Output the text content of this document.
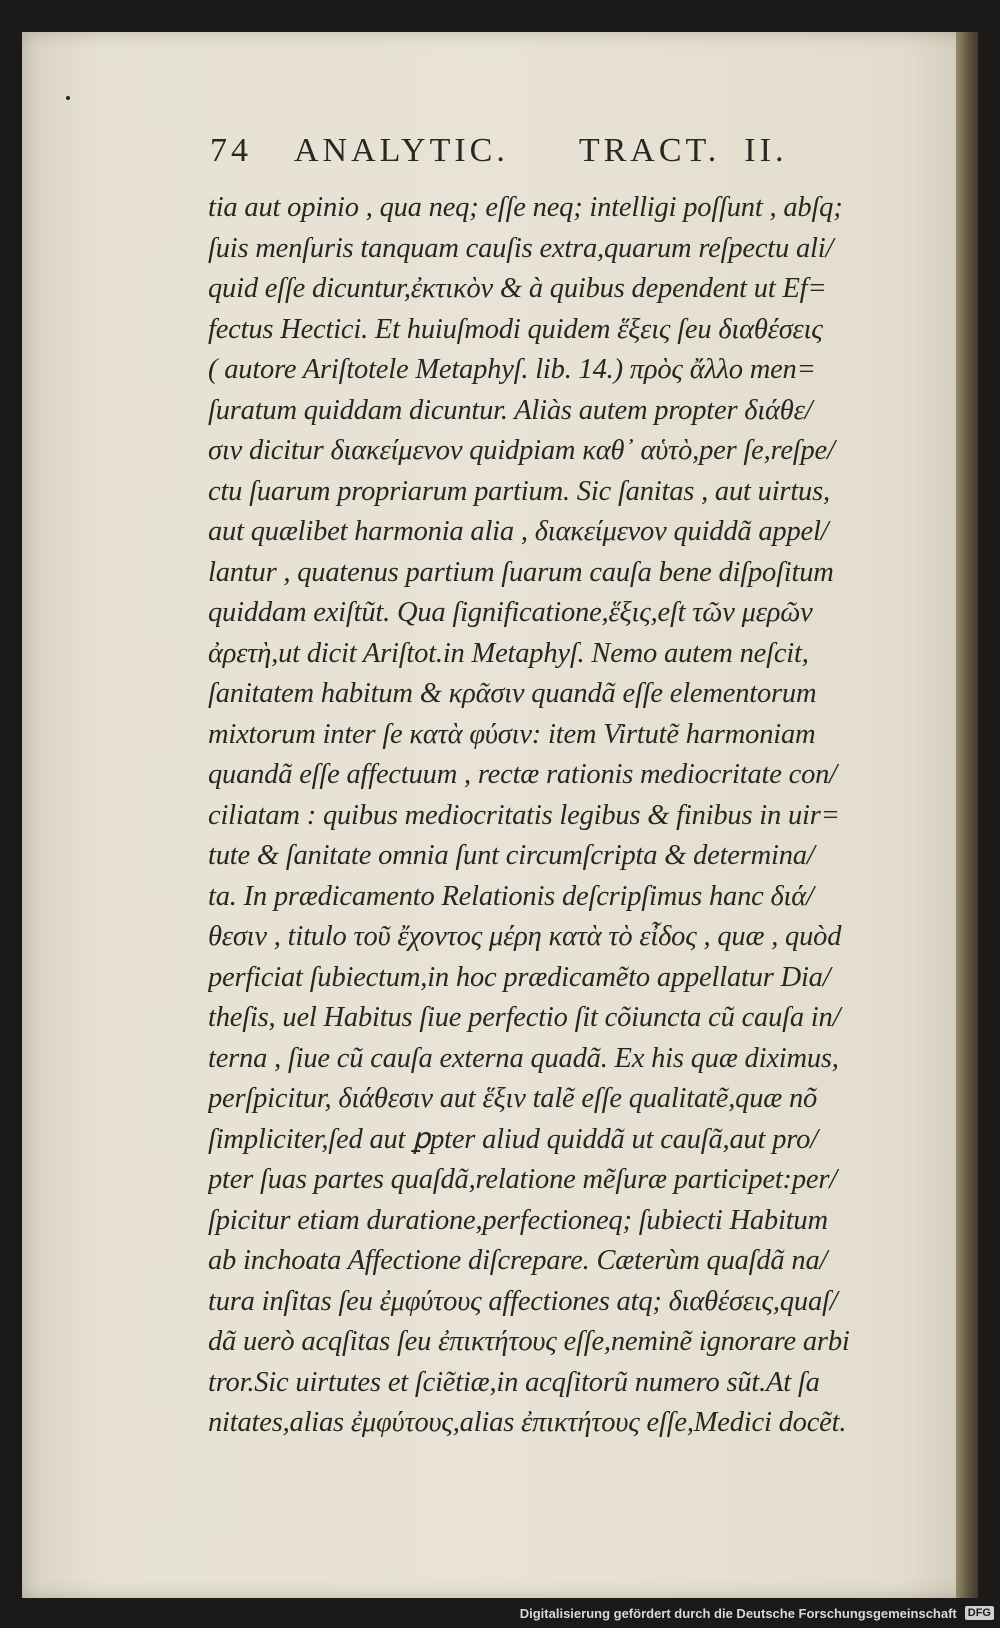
74 ANALYTIC. TRACT. II.
tia aut opinio , qua neq; eſſe neq; intelligi poſſunt , abſq;
ſuis menſuris tanquam cauſis extra,quarum reſpectu ali/
quid eſſe dicuntur,ἐκτικὸν & à quibus dependent ut Ef=
fectus Hectici. Et huiuſmodi quidem ἕξεις ſeu διαθέσεις
( autore Ariſtotele Metaphyſ. lib. 14.) πρὸς ἄλλο men=
ſuratum quiddam dicuntur. Aliàs autem propter διάθε/
σιν dicitur διακείμενον quidpiam καθ᾽ αὑτὸ,per ſe,reſpe/
ctu ſuarum propriarum partium. Sic ſanitas , aut uirtus,
aut quælibet harmonia alia , διακείμενον quiddã appel/
lantur , quatenus partium ſuarum cauſa bene diſpoſitum
quiddam exiſtũt. Qua ſignificatione,ἕξις,eſt τῶν μερῶν
ἀρετὴ,ut dicit Ariſtot.in Metaphyſ. Nemo autem neſcit,
ſanitatem habitum & κρᾶσιν quandã eſſe elementorum
mixtorum inter ſe κατὰ φύσιν: item Virtutẽ harmoniam
quandã eſſe affectuum , rectæ rationis mediocritate con/
ciliatam : quibus mediocritatis legibus & finibus in uir=
tute & ſanitate omnia ſunt circumſcripta & determina/
ta. In prædicamento Relationis deſcripſimus hanc διά/
θεσιν , titulo τοῦ ἔχοντος μέρη κατὰ τὸ εἶδος , quæ , quòd
perficiat ſubiectum,in hoc prædicamẽto appellatur Dia/
theſis, uel Habitus ſiue perfectio ſit cõiuncta cũ cauſa in/
terna , ſiue cũ cauſa externa quadã. Ex his quæ diximus,
perſpicitur, διάθεσιν aut ἕξιν talẽ eſſe qualitatẽ,quæ nõ
ſimpliciter,ſed aut ꝑpter aliud quiddã ut cauſã,aut pro/
pter ſuas partes quaſdã,relatione mẽſuræ participet:per/
ſpicitur etiam duratione,perfectioneq; ſubiecti Habitum
ab inchoata Affectione diſcrepare. Cæterùm quaſdã na/
tura inſitas ſeu ἐμφύτους affectiones atq; διαθέσεις,quaſ/
dã uerò acqſitas ſeu ἐπικτήτους eſſe,neminẽ ignorare arbi
tror.Sic uirtutes et ſciẽtiæ,in acqſitorũ numero sũt.At ſa
nitates,alias ἐμφύτους,alias ἐπικτήτους eſſe,Medici docẽt.
Digitalisierung gefördert durch die Deutsche Forschungsgemeinschaft DFG
